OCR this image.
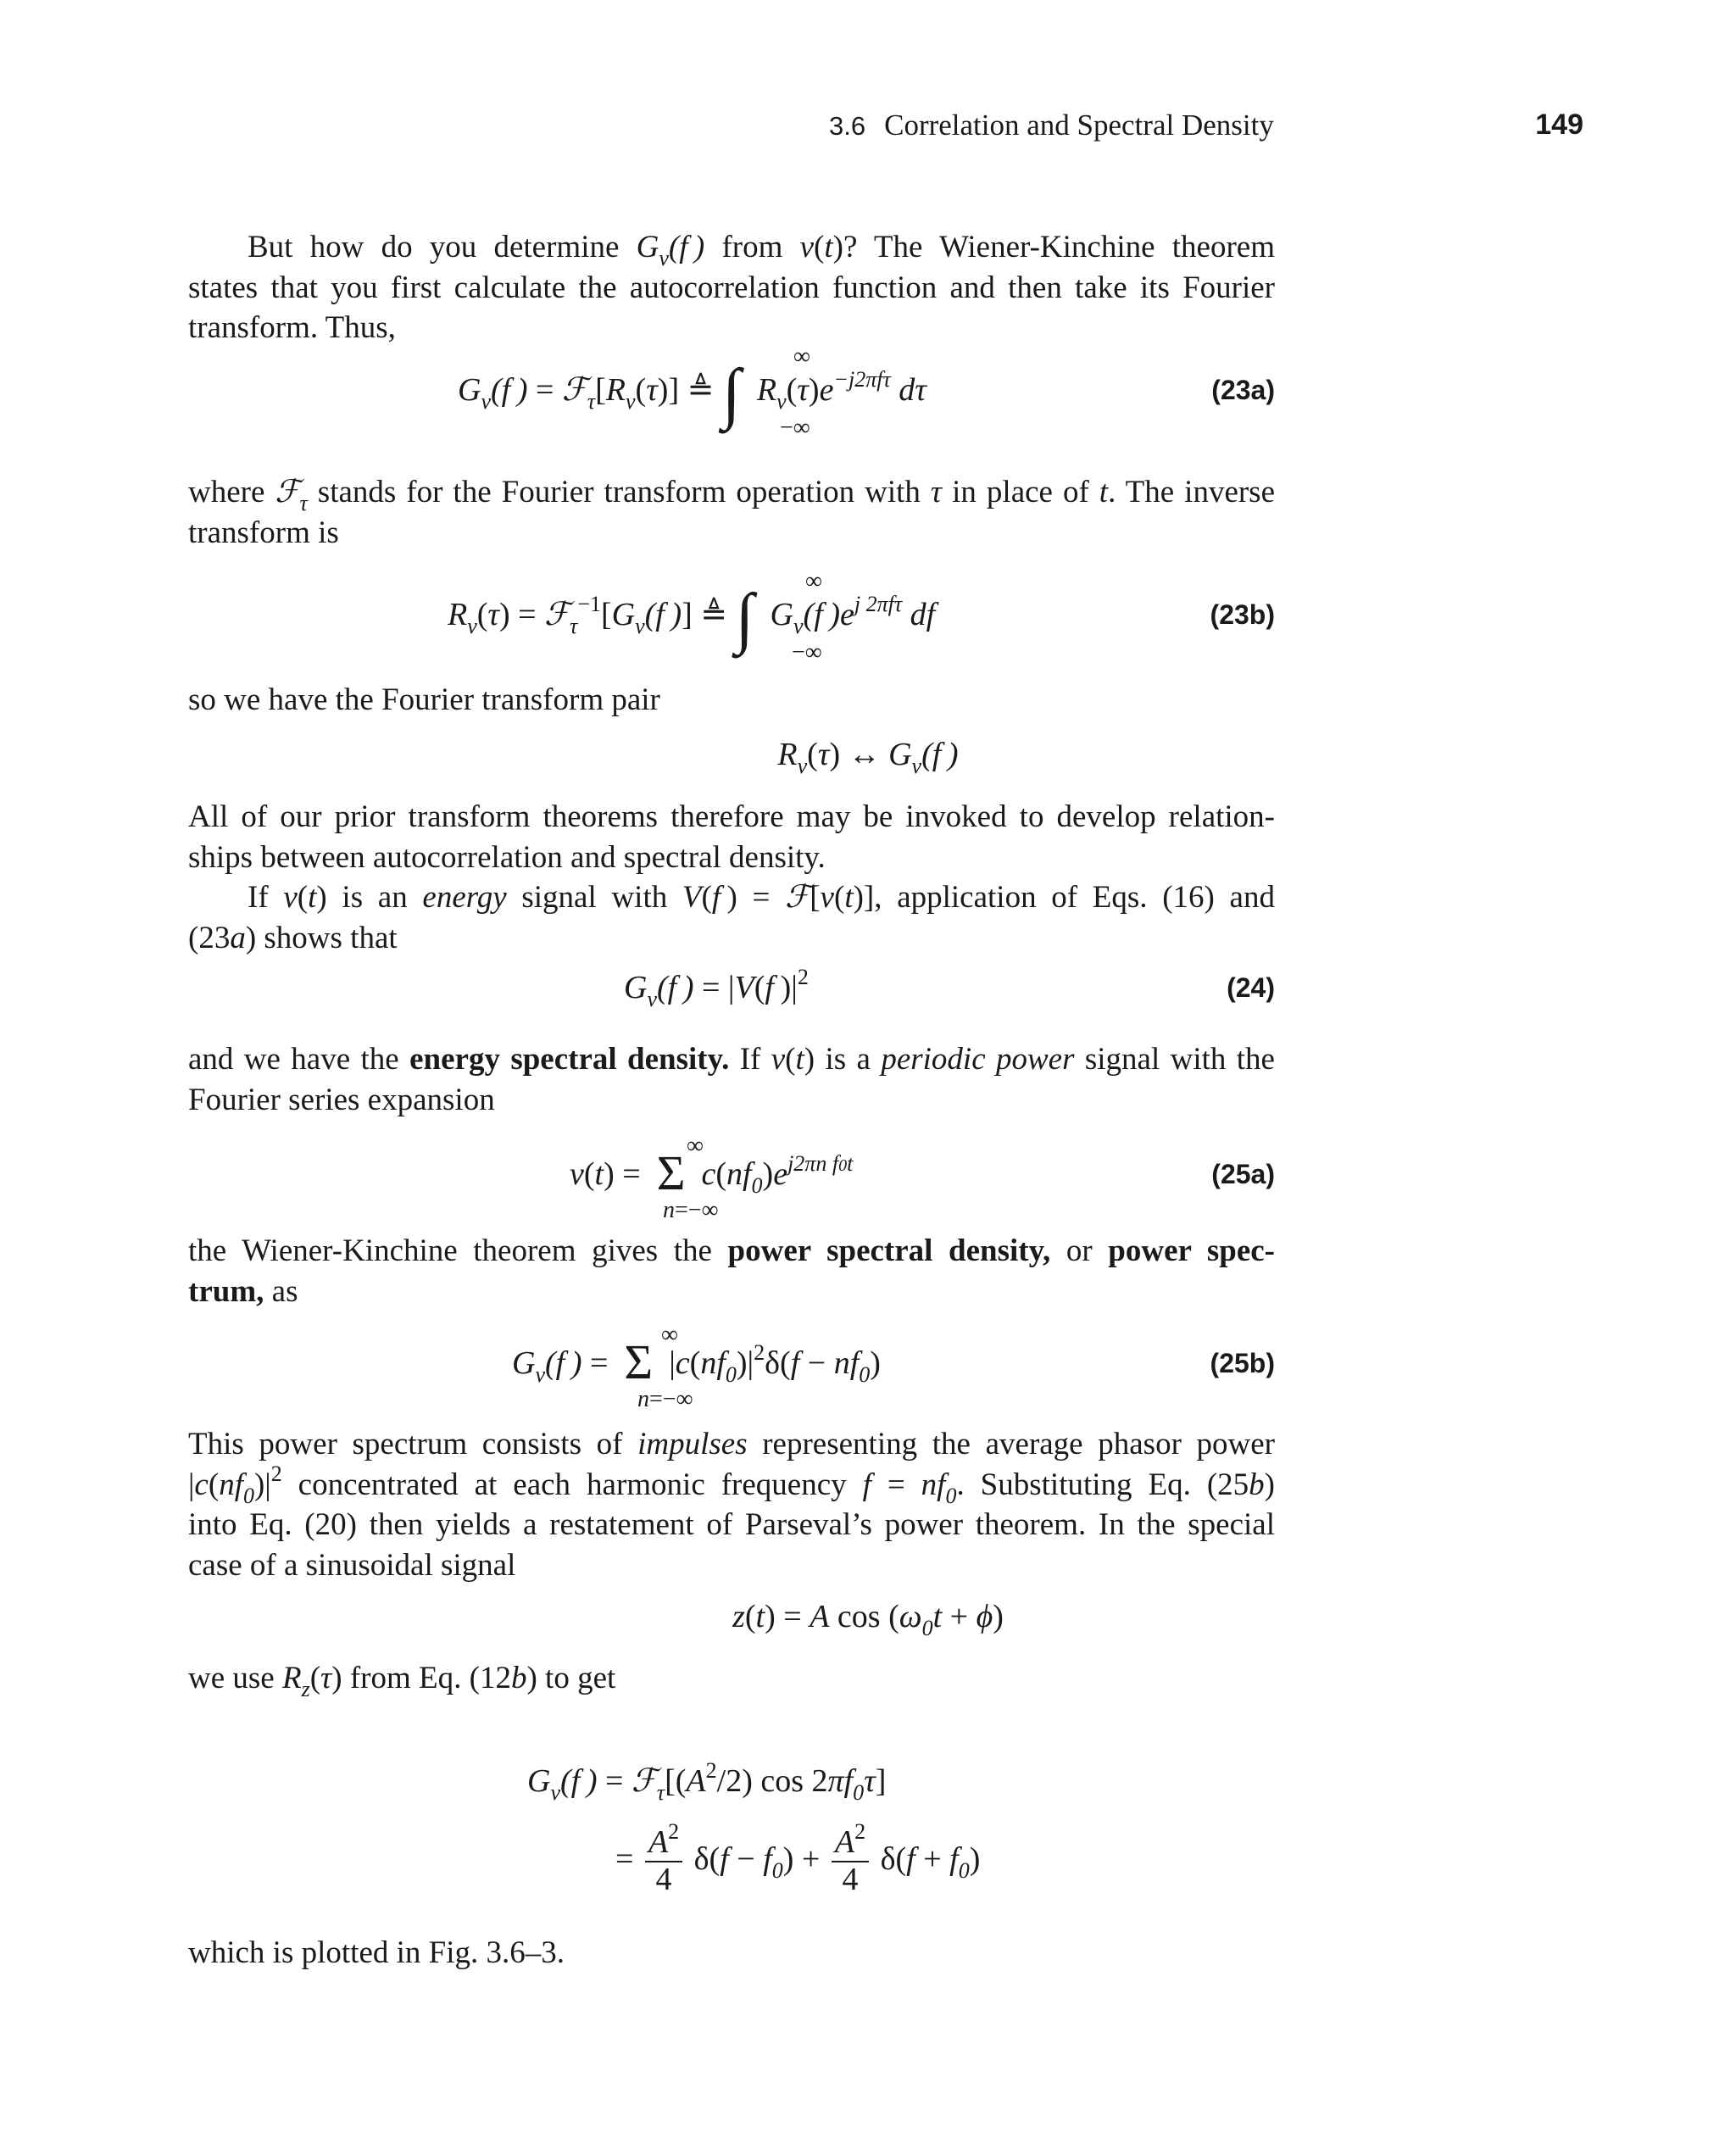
3.6 Correlation and Spectral Density	149
But how do you determine $G_v(f$ ) from v(t)? The Wiener-Kinchine theorem
states that you first calculate the autocorrelation function and then take its Fourier
transform. Thus,
$G_v(f$ ) = $ℱ_\tau[R_v(\tau)]$ ≜ ∫ $R_v(\tau)e^{-j2\pi f\tau}$ dτ
∞
−∞
(23a)
where ℱ$_\tau$ stands for the Fourier transform operation with τ in place of t. The inverse
transform is
$R_v(\tau)$ = $ℱ_\tau^{-1}[G_v(f$ )] ≜ ∫ $G_v(f$ )$e^{j 2\pi f\tau}$ df
∞
−∞
(23b)
so we have the Fourier transform pair
$R_v(\tau)$ ↔ $G_v(f$ )
All of our prior transform theorems therefore may be invoked to develop relation-
ships between autocorrelation and spectral density.
If v(t) is an energy signal with V(f ) = ℱ[v(t)], application of Eqs. (16) and
(23a) shows that
$G_v(f$ ) = |V(f )$|^2$	(24)
and we have the energy spectral density. If v(t) is a periodic power signal with the
Fourier series expansion
v(t) =  Σ $c(nf_0)e^{j2\pi n f0t}$
∞
n=−∞
(25a)
the Wiener-Kinchine theorem gives the power spectral density, or power spec-
trum, as
$G_v(f$ ) =  Σ  $|c(nf_0)|^2\delta(f - nf_0)$
∞
n=−∞
(25b)
This power spectrum consists of impulses representing the average phasor power
$|c(nf_0)|^2$ concentrated at each harmonic frequency $f = nf_0$. Substituting Eq. (25b)
into Eq. (20) then yields a restatement of Parseval’s power theorem. In the special
case of a sinusoidal signal
z(t) = A $\cos (\omega_0t + \phi)$
we use $R_z(\tau)$ from Eq. (12b) to get
$G_v(f$ ) = $ℱ_\tau[(A^2/2)$ $\cos 2\pi f_0\tau$]
= $\frac{A^2}{4} \delta(f - f_0) + \frac{A^2}{4} \delta(f + f_0)$
which is plotted in Fig. 3.6–3.
